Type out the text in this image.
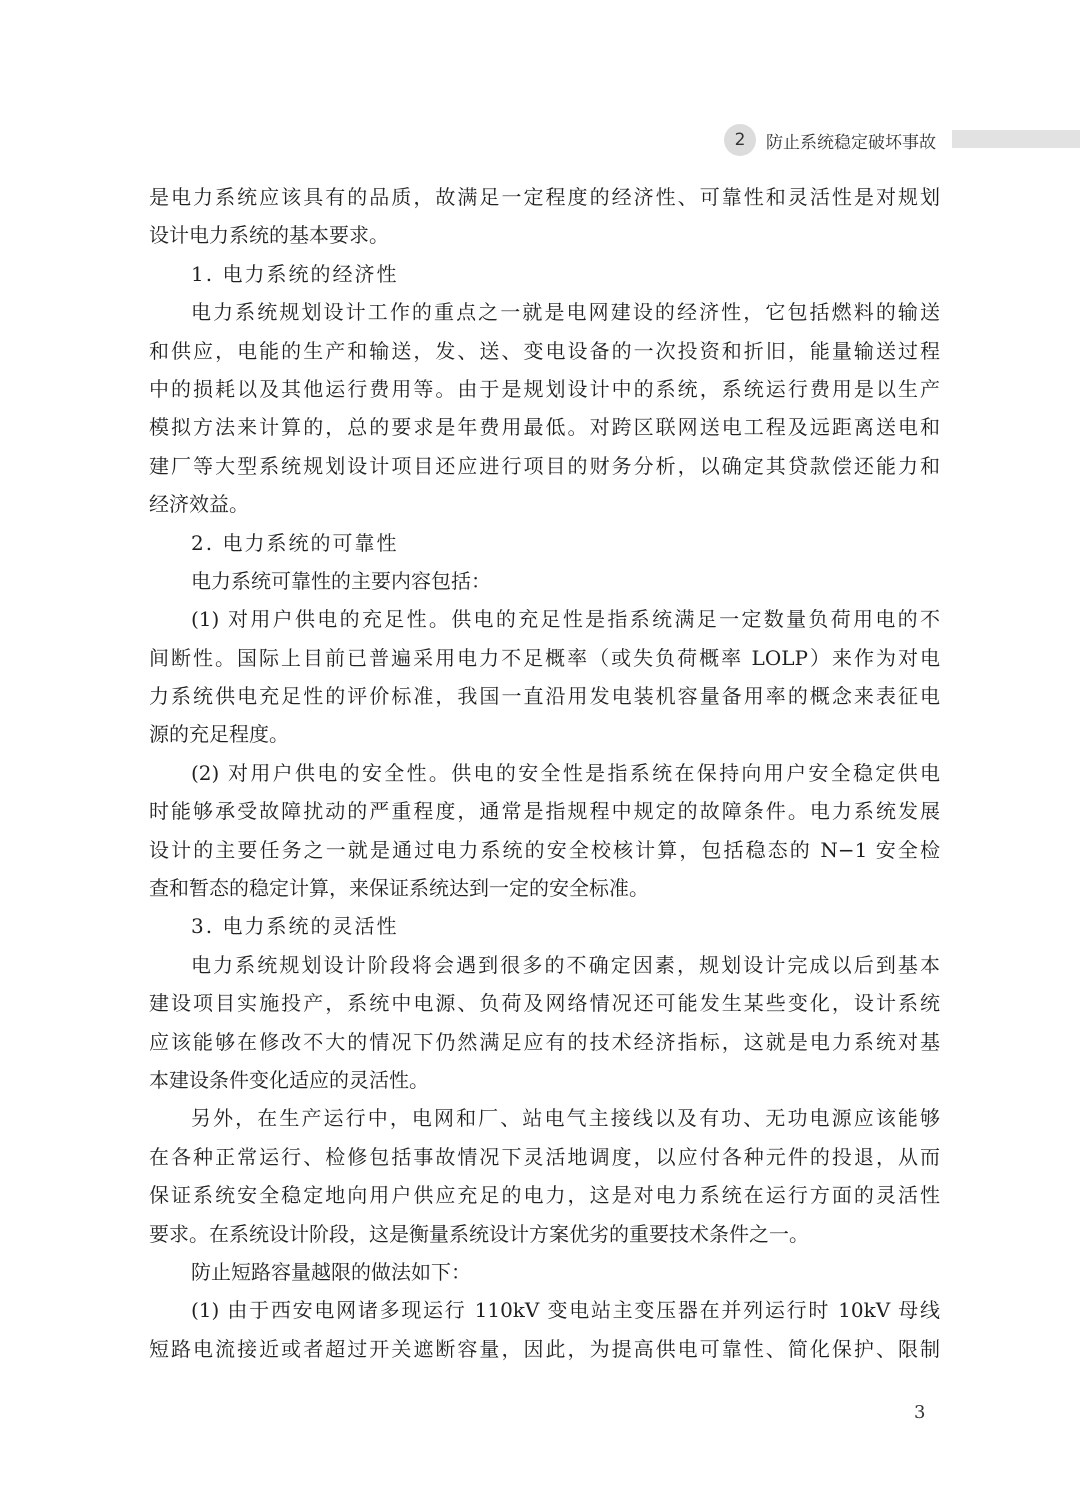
2	防止系统稳定破坏事故
是电力系统应该具有的品质，故满足一定程度的经济性、可靠性和灵活性是对规划
设计电力系统的基本要求。
1. 电力系统的经济性
电力系统规划设计工作的重点之一就是电网建设的经济性，它包括燃料的输送
和供应，电能的生产和输送，发、送、变电设备的一次投资和折旧，能量输送过程
中的损耗以及其他运行费用等。由于是规划设计中的系统，系统运行费用是以生产
模拟方法来计算的，总的要求是年费用最低。对跨区联网送电工程及远距离送电和
建厂等大型系统规划设计项目还应进行项目的财务分析，以确定其贷款偿还能力和
经济效益。
2. 电力系统的可靠性
电力系统可靠性的主要内容包括：
(1) 对用户供电的充足性。供电的充足性是指系统满足一定数量负荷用电的不
间断性。国际上目前已普遍采用电力不足概率（或失负荷概率 LOLP）来作为对电
力系统供电充足性的评价标准，我国一直沿用发电装机容量备用率的概念来表征电
源的充足程度。
(2) 对用户供电的安全性。供电的安全性是指系统在保持向用户安全稳定供电
时能够承受故障扰动的严重程度，通常是指规程中规定的故障条件。电力系统发展
设计的主要任务之一就是通过电力系统的安全校核计算，包括稳态的 N−1 安全检
查和暂态的稳定计算，来保证系统达到一定的安全标准。
3. 电力系统的灵活性
电力系统规划设计阶段将会遇到很多的不确定因素，规划设计完成以后到基本
建设项目实施投产，系统中电源、负荷及网络情况还可能发生某些变化，设计系统
应该能够在修改不大的情况下仍然满足应有的技术经济指标，这就是电力系统对基
本建设条件变化适应的灵活性。
另外，在生产运行中，电网和厂、站电气主接线以及有功、无功电源应该能够
在各种正常运行、检修包括事故情况下灵活地调度，以应付各种元件的投退，从而
保证系统安全稳定地向用户供应充足的电力，这是对电力系统在运行方面的灵活性
要求。在系统设计阶段，这是衡量系统设计方案优劣的重要技术条件之一。
防止短路容量越限的做法如下：
(1) 由于西安电网诸多现运行 110kV 变电站主变压器在并列运行时 10kV 母线
短路电流接近或者超过开关遮断容量，因此，为提高供电可靠性、简化保护、限制
3
